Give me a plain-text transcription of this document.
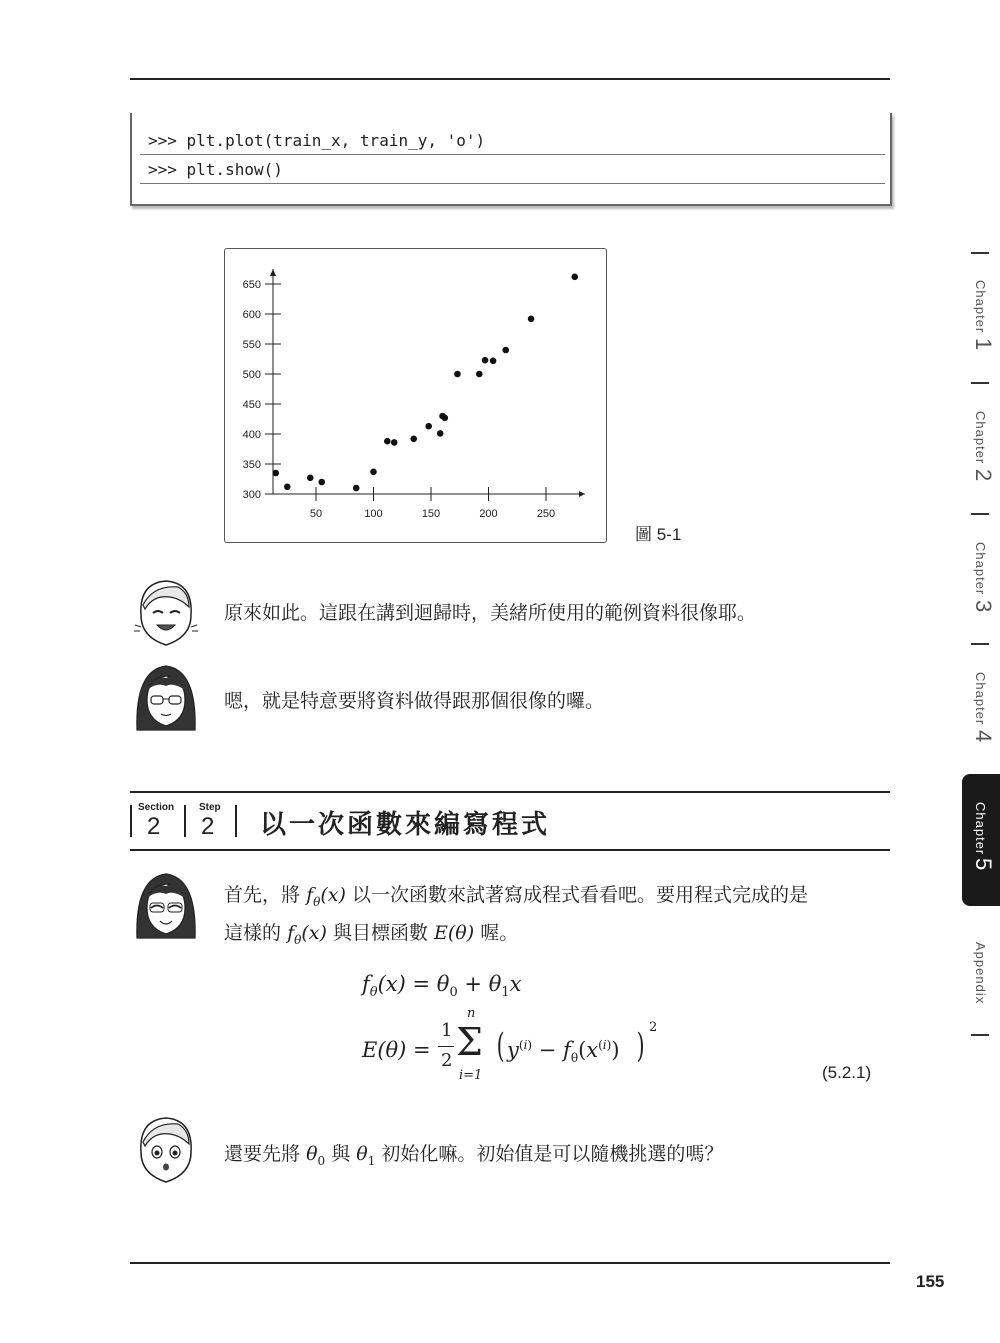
>>> plt.plot(train_x, train_y, 'o')
>>> plt.show()
300
350
400
450
500
550
600
650
50	100	150	200	250
圖 5-1
原來如此。這跟在講到迴歸時，美緒所使用的範例資料很像耶。
嗯，就是特意要將資料做得跟那個很像的囉。
Section
2
Step
2 以一次函數來編寫程式
首先，將 $f_\theta(x)$ 以一次函數來試著寫成程式看看吧。要用程式完成的是
這樣的 $f_\theta(x)$ 與目標函數 E(θ) 喔。
$f_\theta(x) = \theta_0 + \theta_1x$
E(θ) =
1
2
n
Σ
i=1
( $y^{(i)} - f_\theta(x^{(i)})$ ) 2
(5.2.1)
還要先將 $\theta_0$ 與 $\theta_1$ 初始化嘛。初始值是可以隨機挑選的嗎？
155
Chapter
1
Chapter
2
Chapter
3
Chapter
4
Chapter
5
Appendix
